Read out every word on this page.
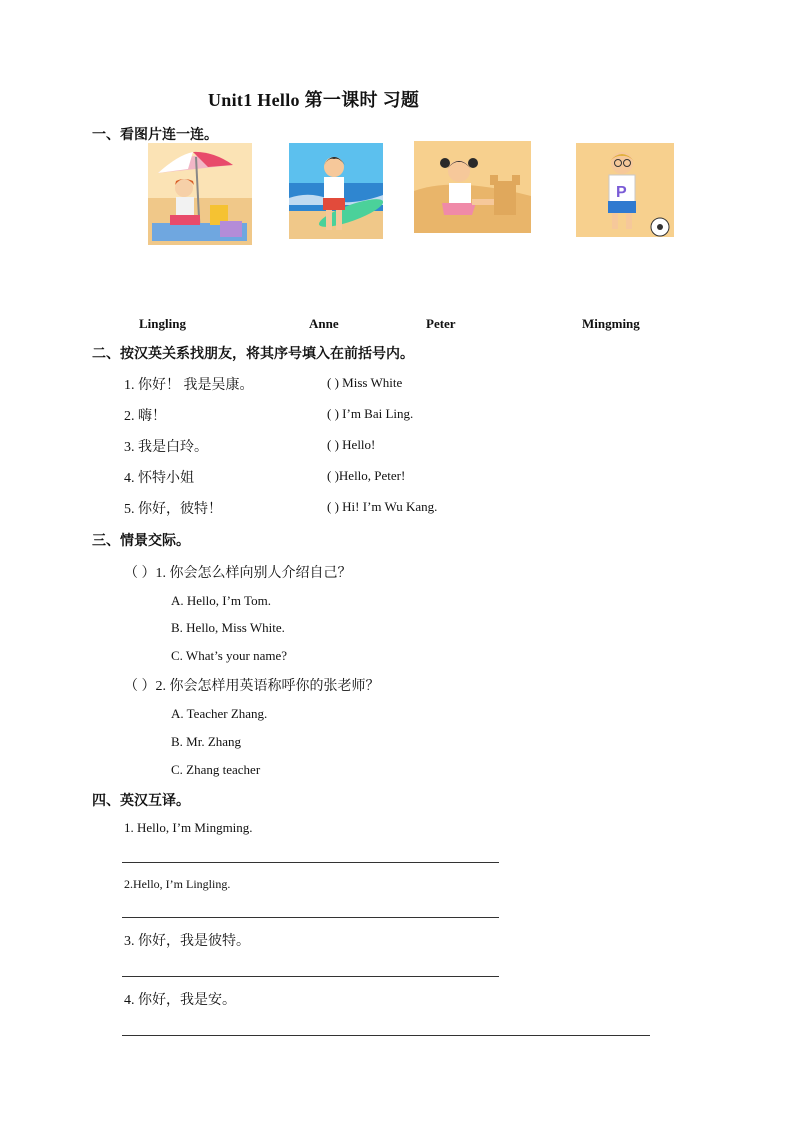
Unit1 Hello 第一课时 习题
一、看图片连一连。
P
Lingling	Anne	Peter	Mingming
二、按汉英关系找朋友，将其序号填入在前括号内。
1. 你好！ 我是吴康。	( ) Miss White
2. 嗨！	( ) I’m Bai Ling.
3. 我是白玲。	( ) Hello!
4. 怀特小姐	( )Hello, Peter!
5. 你好，彼特！	( ) Hi! I’m Wu Kang.
三、情景交际。
（ ）1. 你会怎么样向别人介绍自己？
A. Hello, I’m Tom.
B. Hello, Miss White.
C. What’s your name?
（ ）2. 你会怎样用英语称呼你的张老师？
A. Teacher Zhang.
B. Mr. Zhang
C. Zhang teacher
四、英汉互译。
1. Hello, I’m Mingming.
2.Hello, I’m Lingling.
3. 你好，我是彼特。
4. 你好，我是安。
